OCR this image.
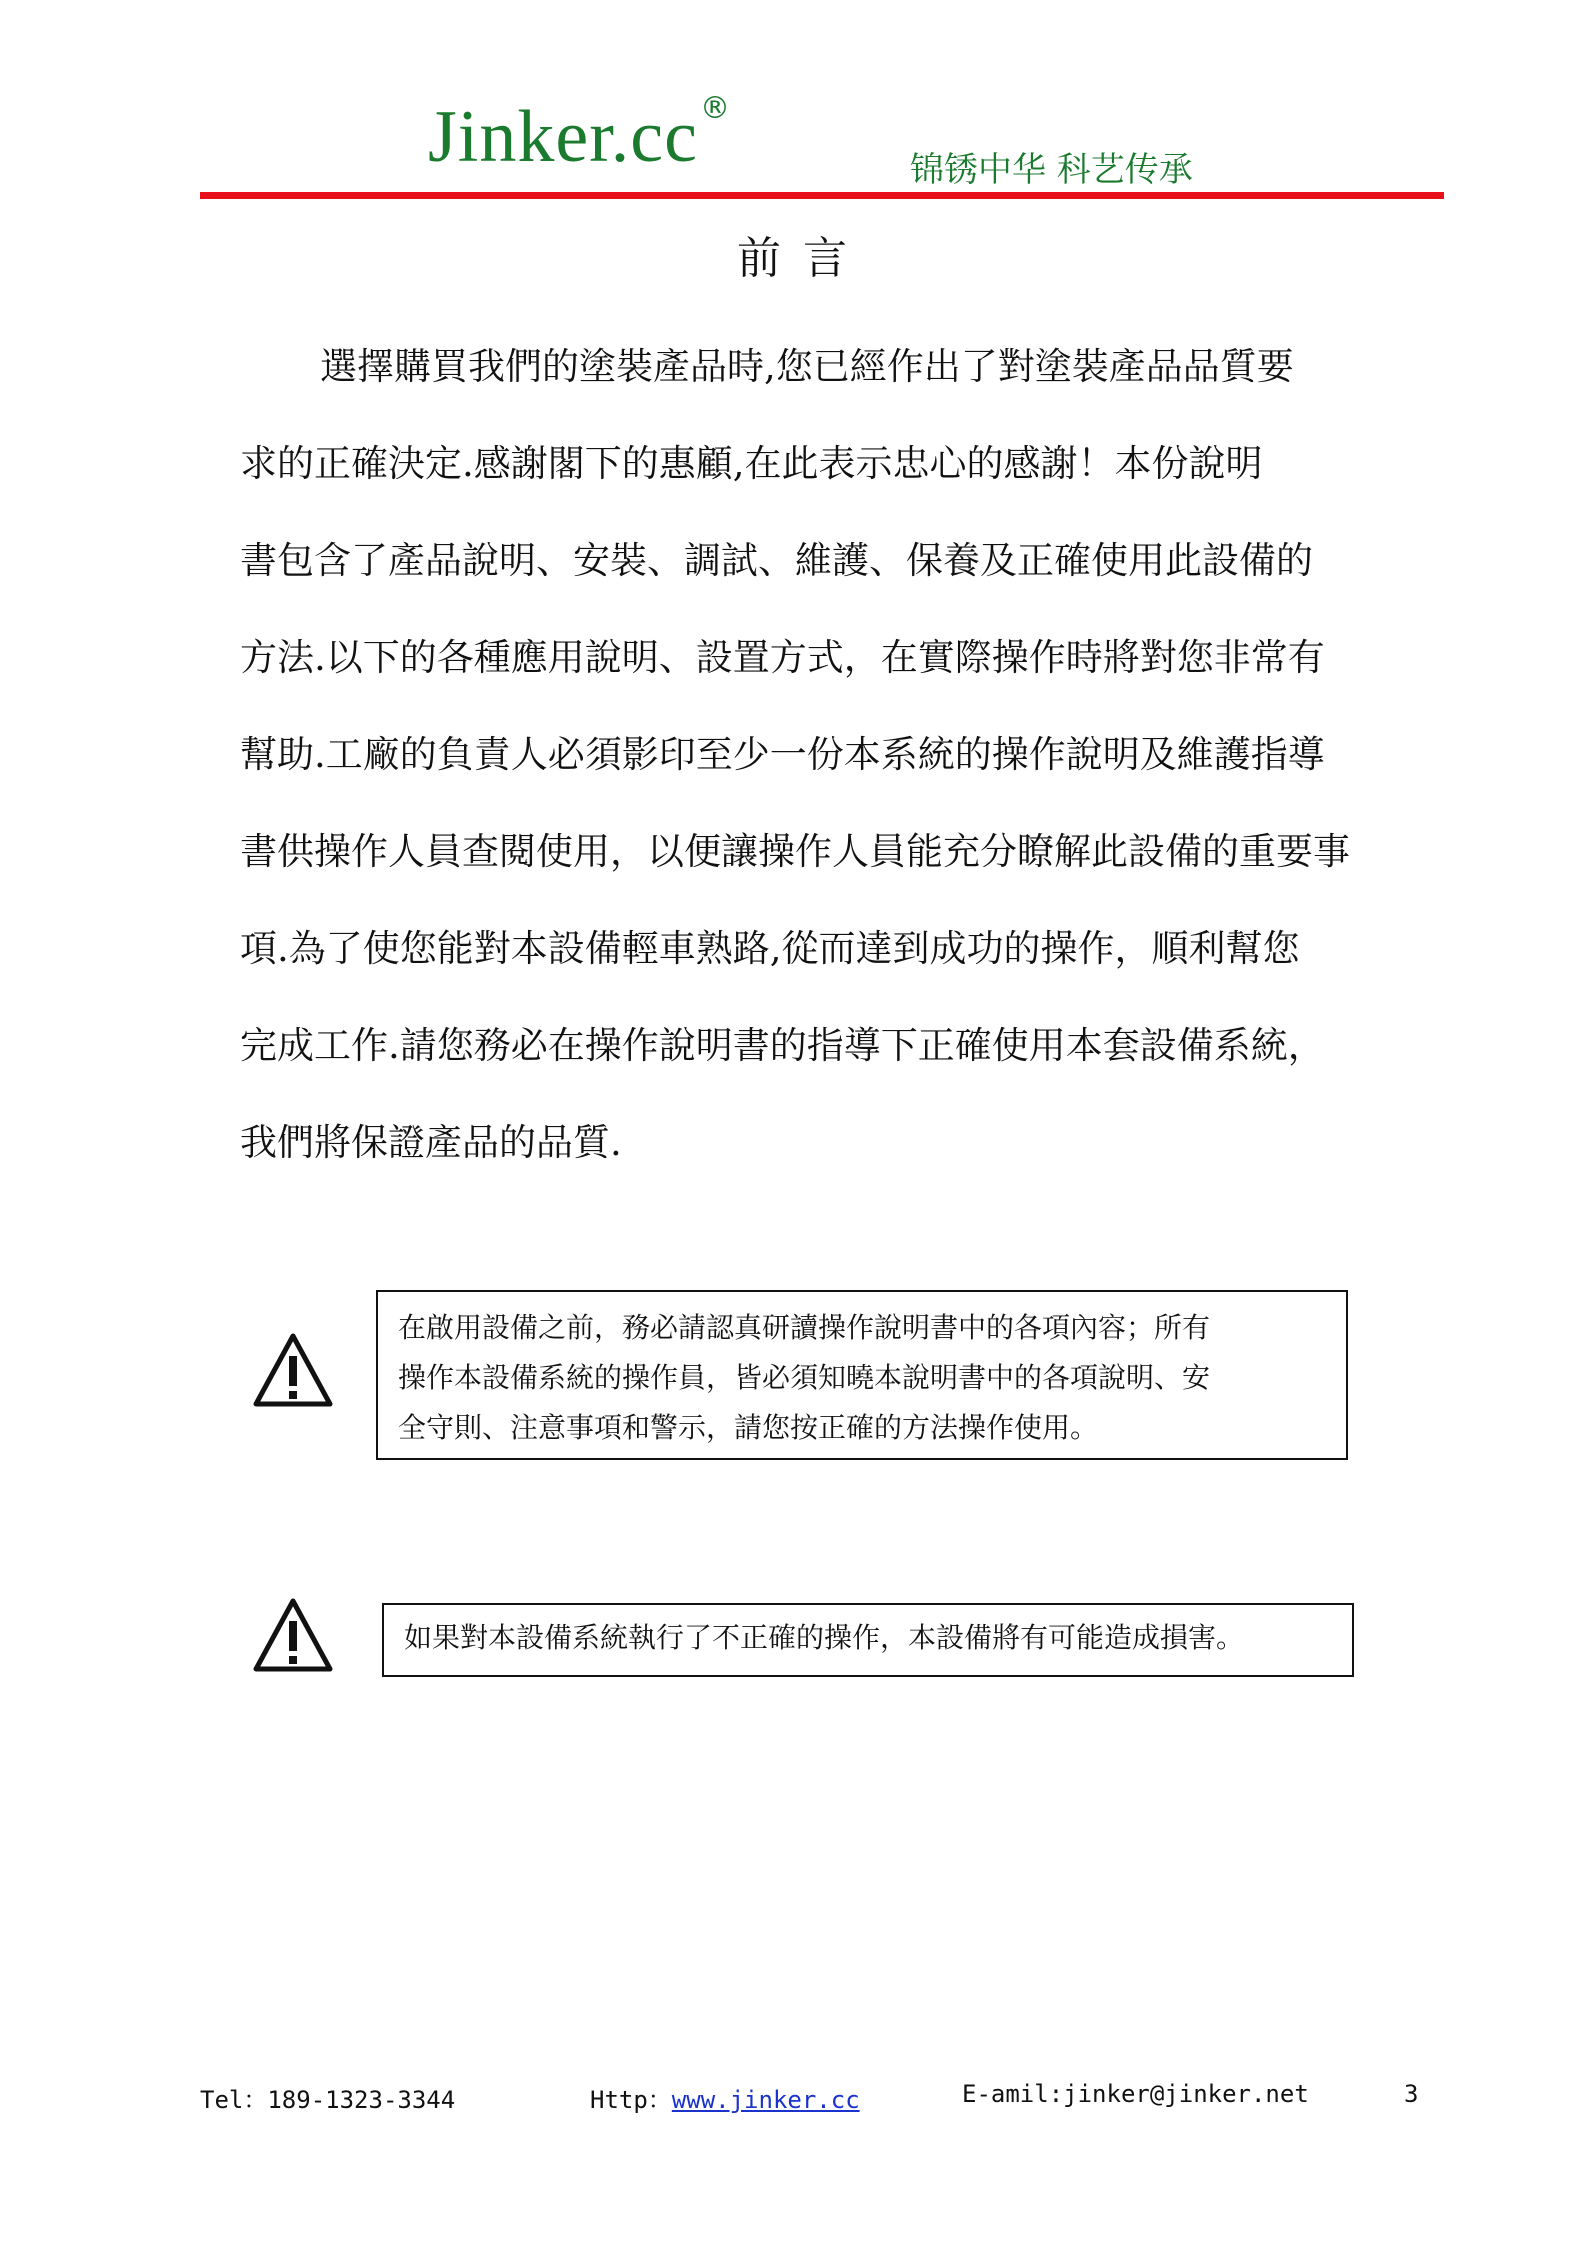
Jinker.cc®
锦锈中华 科艺传承
前 言
選擇購買我們的塗裝產品時,您已經作出了對塗裝產品品質要
求的正確決定.感謝閣下的惠顧,在此表示忠心的感謝！本份說明
書包含了產品說明、安裝、調試、維護、保養及正確使用此設備的
方法.以下的各種應用說明、設置方式，在實際操作時將對您非常有
幫助.工廠的負責人必須影印至少一份本系統的操作說明及維護指導
書供操作人員查閱使用，以便讓操作人員能充分瞭解此設備的重要事
項.為了使您能對本設備輕車熟路,從而達到成功的操作，順利幫您
完成工作.請您務必在操作說明書的指導下正確使用本套設備系統，
我們將保證產品的品質.
在啟用設備之前，務必請認真研讀操作說明書中的各項內容；所有
操作本設備系統的操作員，皆必須知曉本說明書中的各項說明、安
全守則、注意事項和警示，請您按正確的方法操作使用。
如果對本設備系統執行了不正確的操作，本設備將有可能造成損害。
Tel：189-1323-3344	Http：www.jinker.cc	E-amil:jinker@jinker.net	3
